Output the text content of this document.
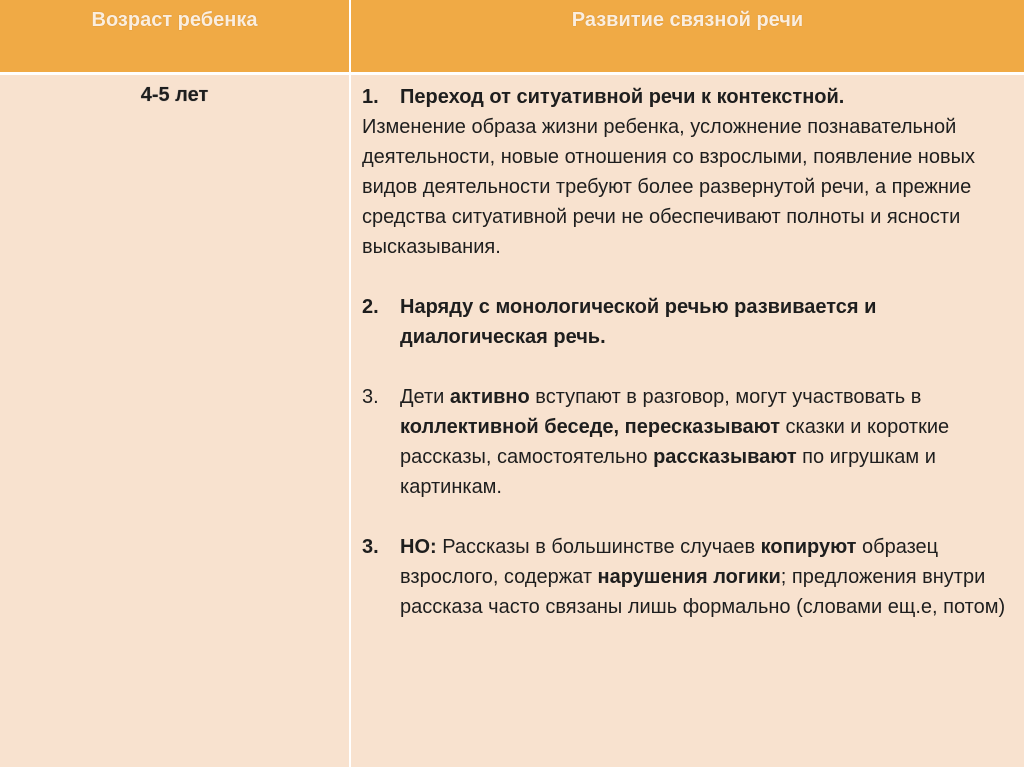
Возраст ребенка	Развитие связной речи
4-5 лет	1. Переход от ситуативной речи к контекстной.
Изменение образа жизни ребенка, усложнение познавательной деятельности, новые отношения со взрослыми, появление новых видов деятельности требуют более развернутой речи, а прежние средства ситуативной речи не обеспечивают полноты и ясности высказывания.
2. Наряду с монологической речью развивается и диалогическая речь.
3. Дети активно вступают в разговор, могут участвовать в коллективной беседе, пересказывают сказки и короткие рассказы, самостоятельно рассказывают по игрушкам и картинкам.
3. НО: Рассказы в большинстве случаев копируют образец взрослого, содержат нарушения логики; предложения внутри рассказа часто связаны лишь формально (словами ещ.е, потом)
